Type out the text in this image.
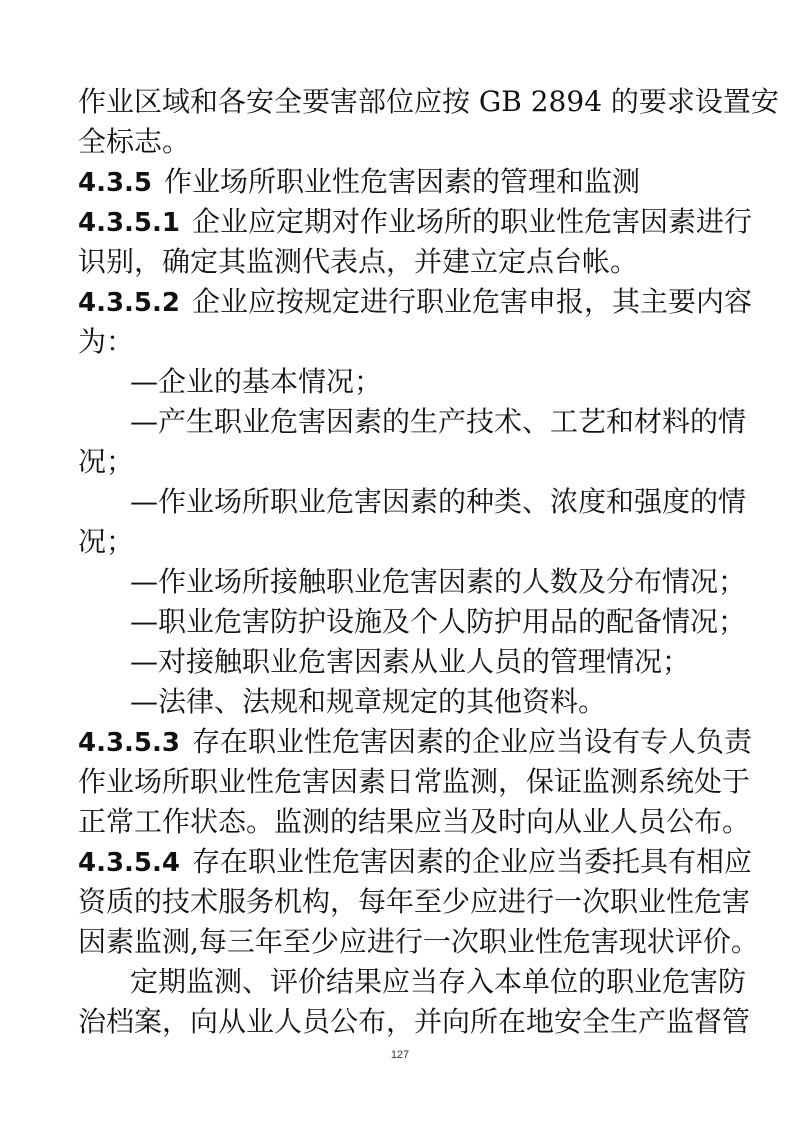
作业区域和各安全要害部位应按 GB 2894 的要求设置安
全标志。
4.3.5 作业场所职业性危害因素的管理和监测
4.3.5.1 企业应定期对作业场所的职业性危害因素进行
识别，确定其监测代表点，并建立定点台帐。
4.3.5.2 企业应按规定进行职业危害申报，其主要内容
为：
—企业的基本情况；
—产生职业危害因素的生产技术、工艺和材料的情
况；
—作业场所职业危害因素的种类、浓度和强度的情
况；
—作业场所接触职业危害因素的人数及分布情况；
—职业危害防护设施及个人防护用品的配备情况；
—对接触职业危害因素从业人员的管理情况；
—法律、法规和规章规定的其他资料。
4.3.5.3 存在职业性危害因素的企业应当设有专人负责
作业场所职业性危害因素日常监测，保证监测系统处于
正常工作状态。监测的结果应当及时向从业人员公布。
4.3.5.4 存在职业性危害因素的企业应当委托具有相应
资质的技术服务机构，每年至少应进行一次职业性危害
因素监测,每三年至少应进行一次职业性危害现状评价。
定期监测、评价结果应当存入本单位的职业危害防
治档案，向从业人员公布，并向所在地安全生产监督管
127
